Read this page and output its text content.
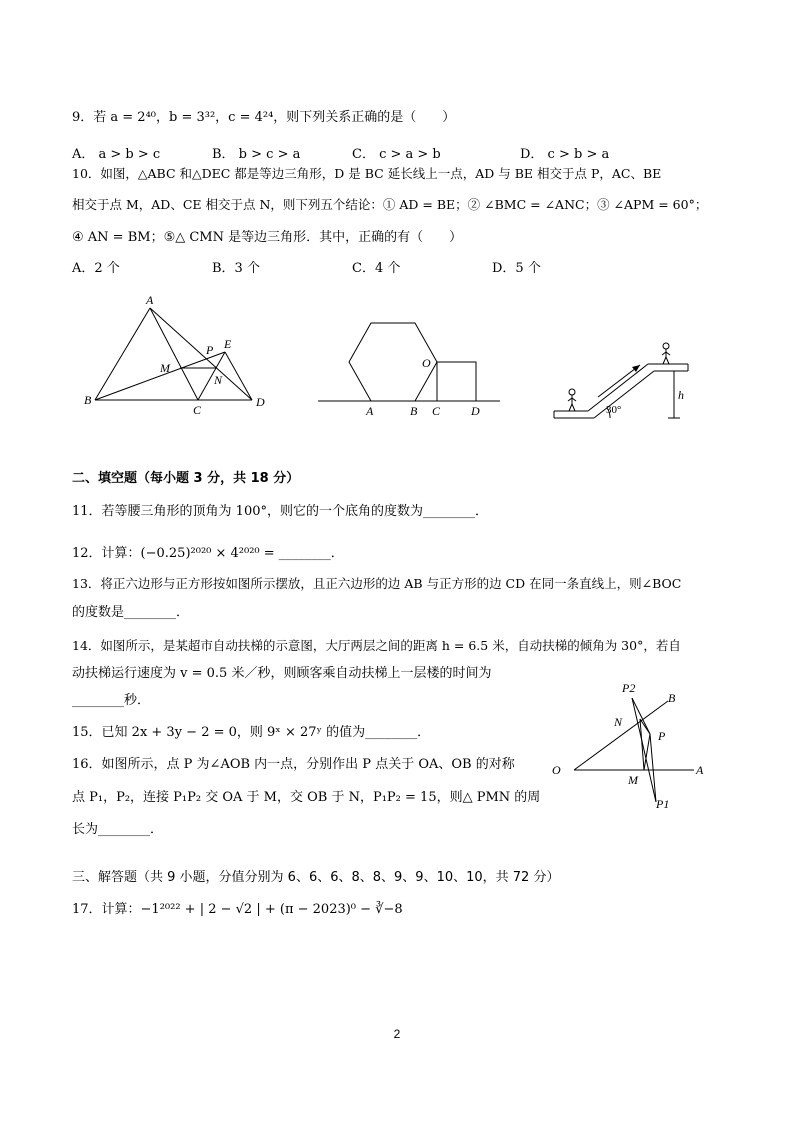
9．若 a = 2⁴⁰，b = 3³²，c = 4²⁴，则下列关系正确的是（　　）
A． a > b > c	B． b > c > a	C． c > a > b	D． c > b > a
10．如图，△ABC 和△DEC 都是等边三角形，D 是 BC 延长线上一点，AD 与 BE 相交于点 P，AC、BE
相交于点 M，AD、CE 相交于点 N，则下列五个结论：① AD = BE；② ∠BMC = ∠ANC；③ ∠APM = 60°；
④ AN = BM；⑤△ CMN 是等边三角形．其中，正确的有（　　）
A．2 个	B．3 个	C．4 个	D．5 个
A
B
C
D
E
P
M
N
O
A	B C	D
h
30°
二、填空题（每小题 3 分，共 18 分）
11．若等腰三角形的顶角为 100°，则它的一个底角的度数为________．
12．计算：(−0.25)²⁰²⁰ × 4²⁰²⁰ = ________．
13．将正六边形与正方形按如图所示摆放，且正六边形的边 AB 与正方形的边 CD 在同一条直线上，则∠BOC
的度数是________．
14．如图所示，是某超市自动扶梯的示意图，大厅两层之间的距离 h = 6.5 米，自动扶梯的倾角为 30°，若自
动扶梯运行速度为 v = 0.5 米／秒，则顾客乘自动扶梯上一层楼的时间为
________秒．
15．已知 2x + 3y − 2 = 0，则 9ˣ × 27ʸ 的值为________．
16．如图所示，点 P 为∠AOB 内一点，分别作出 P 点关于 OA、OB 的对称
点 P₁，P₂，连接 P₁P₂ 交 OA 于 M，交 OB 于 N，P₁P₂ = 15，则△ PMN 的周
长为________．
P2
B
N
P
O	A
M
P1
三、解答题（共 9 小题，分值分别为 6、6、6、8、8、9、9、10、10，共 72 分）
17．计算：−1²⁰²² + | 2 − √2 | + (π − 2023)⁰ − ∛−8
2
